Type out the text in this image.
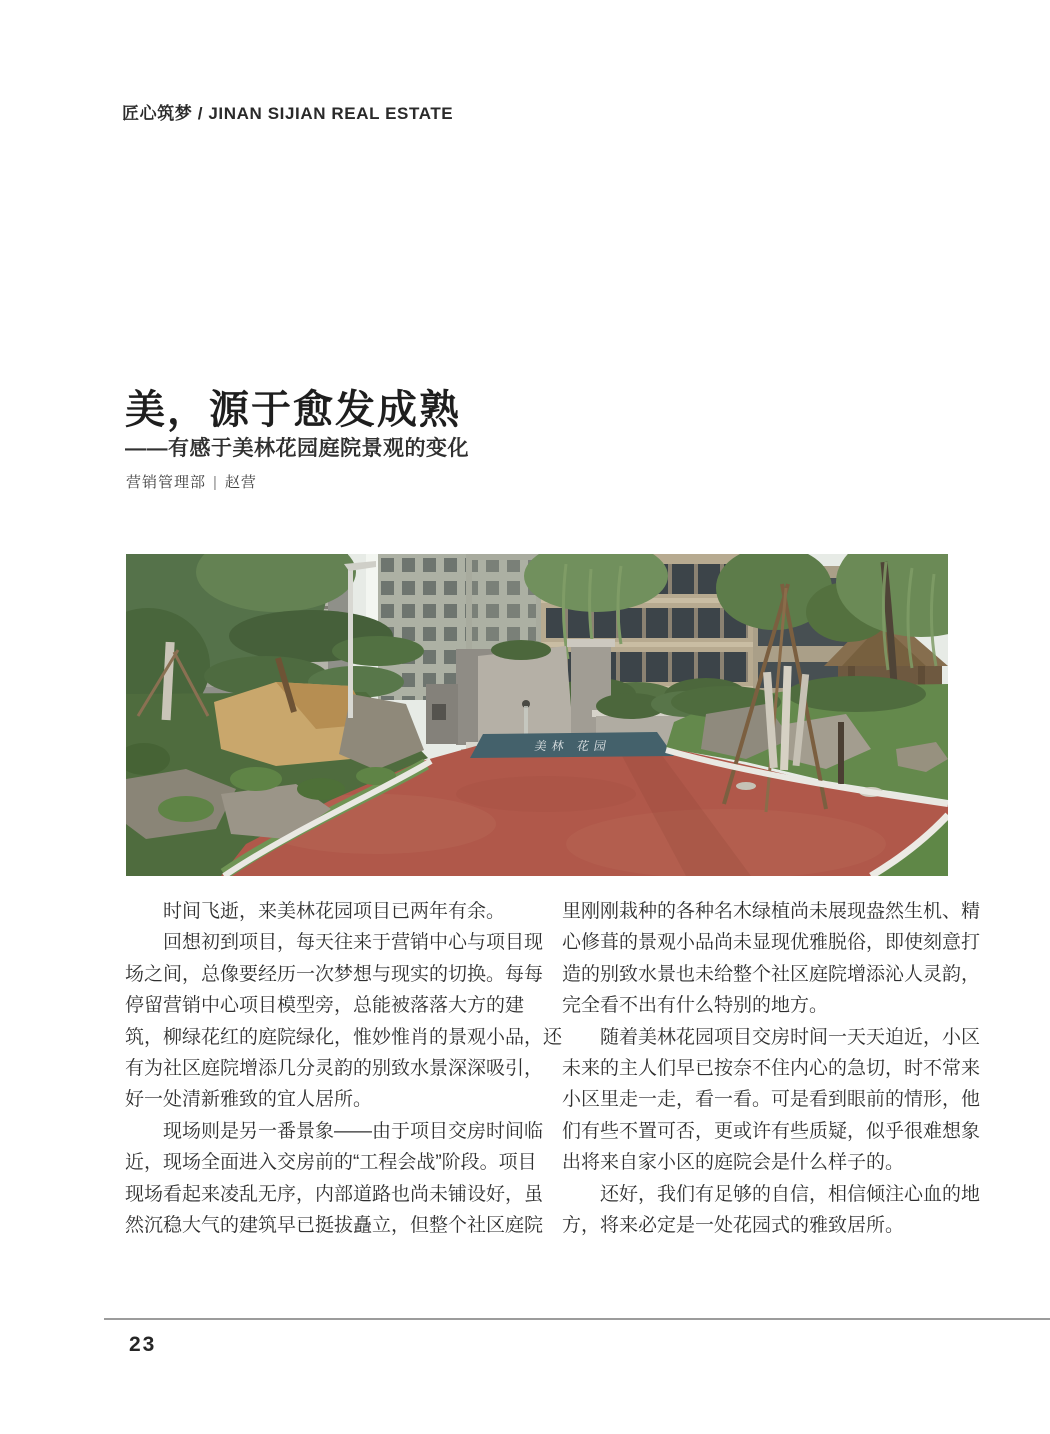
匠心筑梦 / JINAN SIJIAN REAL ESTATE
美，源于愈发成熟
——有感于美林花园庭院景观的变化
营销管理部 | 赵营
美林 花园
　　时间飞逝，来美林花园项目已两年有余。
　　回想初到项目，每天往来于营销中心与项目现
场之间，总像要经历一次梦想与现实的切换。每每
停留营销中心项目模型旁，总能被落落大方的建
筑，柳绿花红的庭院绿化，惟妙惟肖的景观小品，还
有为社区庭院增添几分灵韵的别致水景深深吸引，
好一处清新雅致的宜人居所。
　　现场则是另一番景象——由于项目交房时间临
近，现场全面进入交房前的“工程会战”阶段。项目
现场看起来凌乱无序，内部道路也尚未铺设好，虽
然沉稳大气的建筑早已挺拔矗立，但整个社区庭院
里刚刚栽种的各种名木绿植尚未展现盎然生机、精
心修葺的景观小品尚未显现优雅脱俗，即使刻意打
造的别致水景也未给整个社区庭院增添沁人灵韵，
完全看不出有什么特别的地方。
　　随着美林花园项目交房时间一天天迫近，小区
未来的主人们早已按奈不住内心的急切，时不常来
小区里走一走，看一看。可是看到眼前的情形，他
们有些不置可否，更或许有些质疑，似乎很难想象
出将来自家小区的庭院会是什么样子的。
　　还好，我们有足够的自信，相信倾注心血的地
方，将来必定是一处花园式的雅致居所。
23
